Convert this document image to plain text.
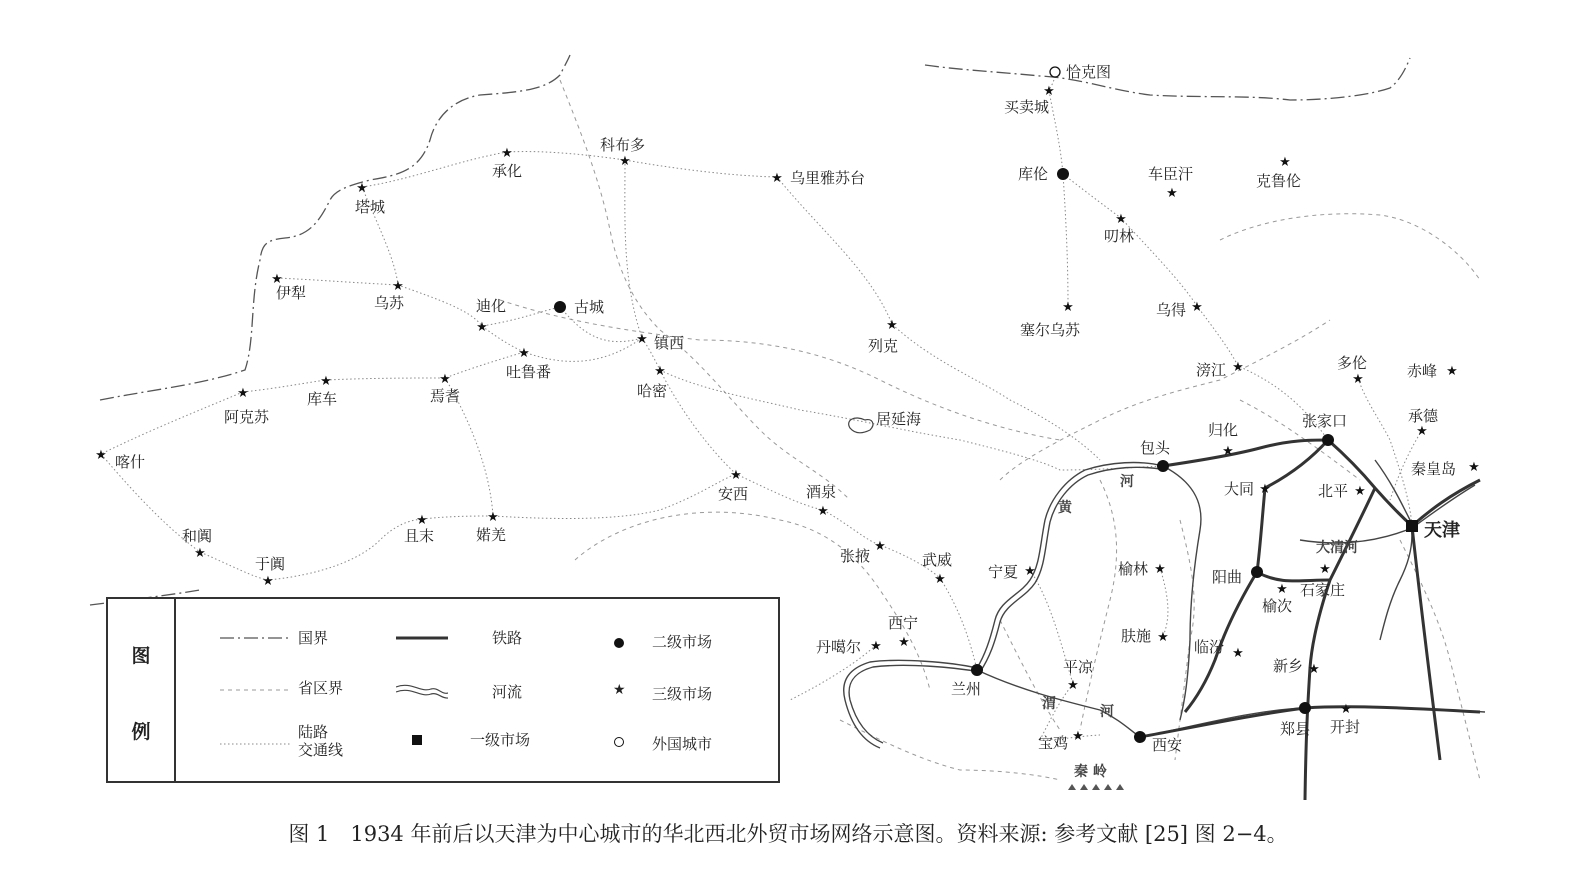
恰克图
★
买卖城
库伦
★
车臣汗
★
克鲁伦
★
叨林
★ 乌里雅苏台
★
科布多
★
承化
★
塔城
★
伊犁	★
乌苏
★
迪化	古城
★ 镇西
★
吐鲁番	★
哈密
★
焉耆
★
库车
★
阿克苏
★ 喀什
★
和阗
★
于阗
★
且末
★
婼羌
★
列克
★
塞尔乌苏
★
乌得
★
滂江
★
多伦	★
赤峰
★
承德
★
秦皇岛
张家口
★
归化
包头
★
大同	★
北平
天津
★
安西
★
酒泉
★
张掖
★
武威
★
宁夏	★
榆林	阳曲	★
石家庄
★
榆次
★
西宁
★
丹噶尔
兰州
★
肤施
★
临汾
★
新乡
★
平凉
★
宝鸡	西安
郑县
★
开封
居延海
河
黄
大清河
渭	河
秦 岭
图
例
国界
省区界
陆路
交通线
铁路
河流
一级市场
二级市场
★ 三级市场
外国城市
图 1　1934 年前后以天津为中心城市的华北西北外贸市场网络示意图。资料来源: 参考文献 [25] 图 2−4。
